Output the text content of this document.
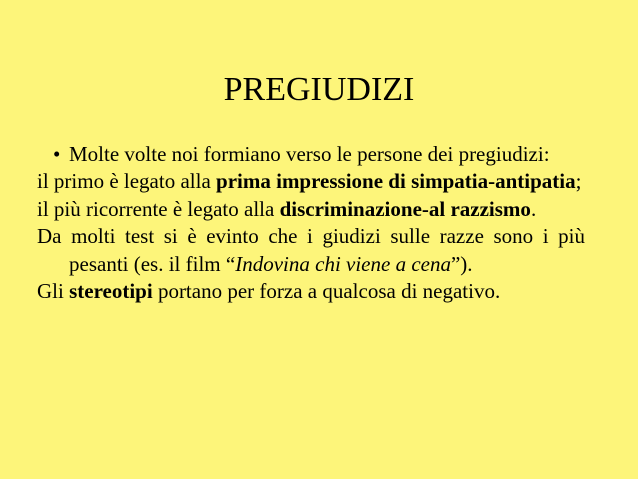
PREGIUDIZI

• Molte volte noi formiano verso le persone dei pregiudizi:

il primo è legato alla prima impressione di simpatia-antipatia;

il più ricorrente è legato alla discriminazione-al razzismo.

Da molti test si è evinto che i giudizi sulle razze sono i più pesanti (es. il film “Indovina chi viene a cena”).

Gli stereotipi portano per forza a qualcosa di negativo.
